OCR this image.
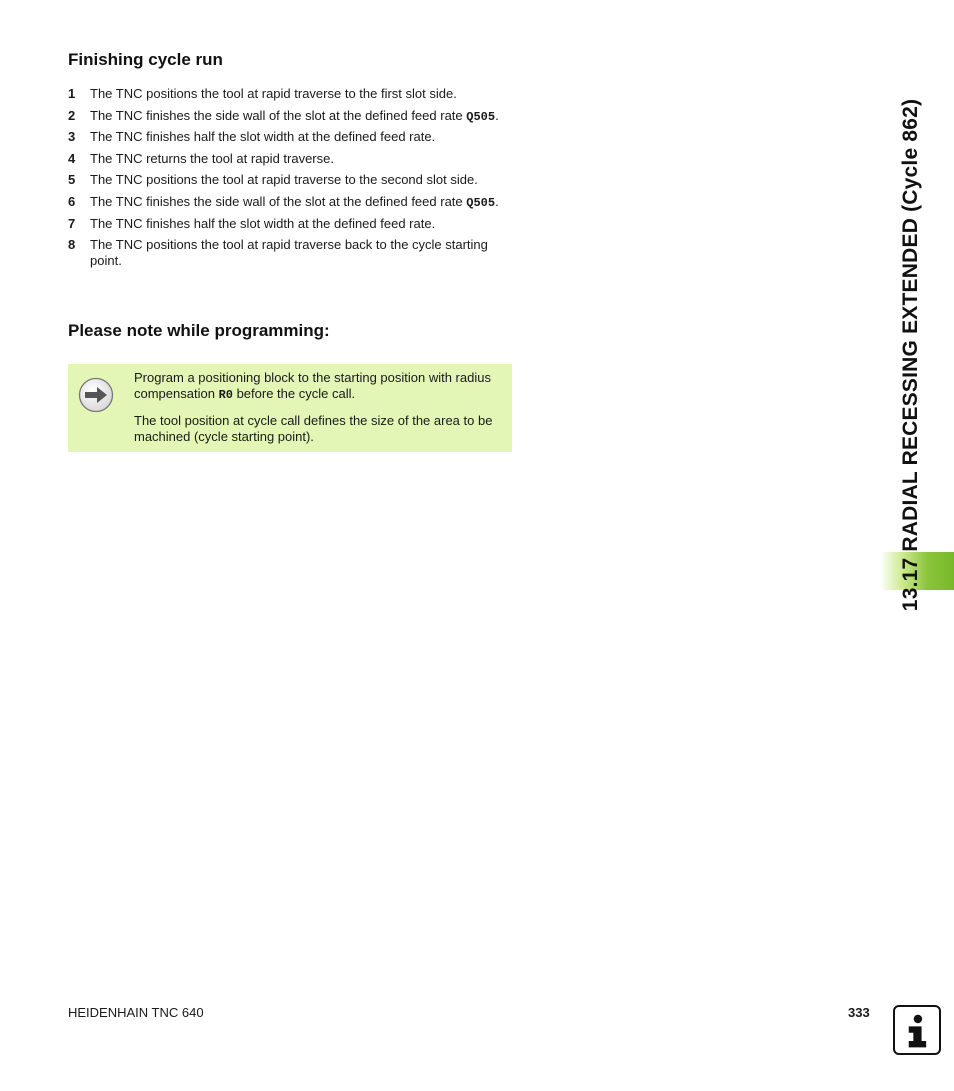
Finishing cycle run
1 The TNC positions the tool at rapid traverse to the first slot side.
2 The TNC finishes the side wall of the slot at the defined feed rate Q505.
3 The TNC finishes half the slot width at the defined feed rate.
4 The TNC returns the tool at rapid traverse.
5 The TNC positions the tool at rapid traverse to the second slot side.
6 The TNC finishes the side wall of the slot at the defined feed rate Q505.
7 The TNC finishes half the slot width at the defined feed rate.
8 The TNC positions the tool at rapid traverse back to the cycle starting point.
Please note while programming:

Program a positioning block to the starting position with radius compensation R0 before the cycle call.

The tool position at cycle call defines the size of the area to be machined (cycle starting point).	13.17 RADIAL RECESSING EXTENDED (Cycle 862)
HEIDENHAIN TNC 640	333
